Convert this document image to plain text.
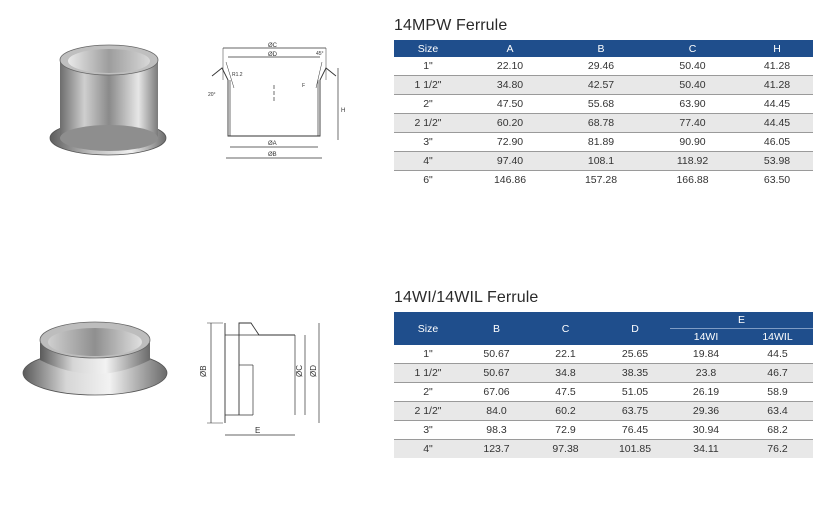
ØC
ØD
ØA
ØB
H
F
45°
20°
R1.2
14MPW Ferrule
Size	A	B	C	H
1"	22.10	29.46	50.40	41.28
1 1/2"	34.80	42.57	50.40	41.28
2"	47.50	55.68	63.90	44.45
2 1/2"	60.20	68.78	77.40	44.45
3"	72.90	81.89	90.90	46.05
4"	97.40	108.1	118.92	53.98
6"	146.86	157.28	166.88	63.50
E
ØB	ØC ØD
14WI/14WIL Ferrule
Size	B	C	D	E	
				14WI	14WIL
1"	50.67	22.1	25.65	19.84	44.5
1 1/2"	50.67	34.8	38.35	23.8	46.7
2"	67.06	47.5	51.05	26.19	58.9
2 1/2"	84.0	60.2	63.75	29.36	63.4
3"	98.3	72.9	76.45	30.94	68.2
4"	123.7	97.38	101.85	34.11	76.2
